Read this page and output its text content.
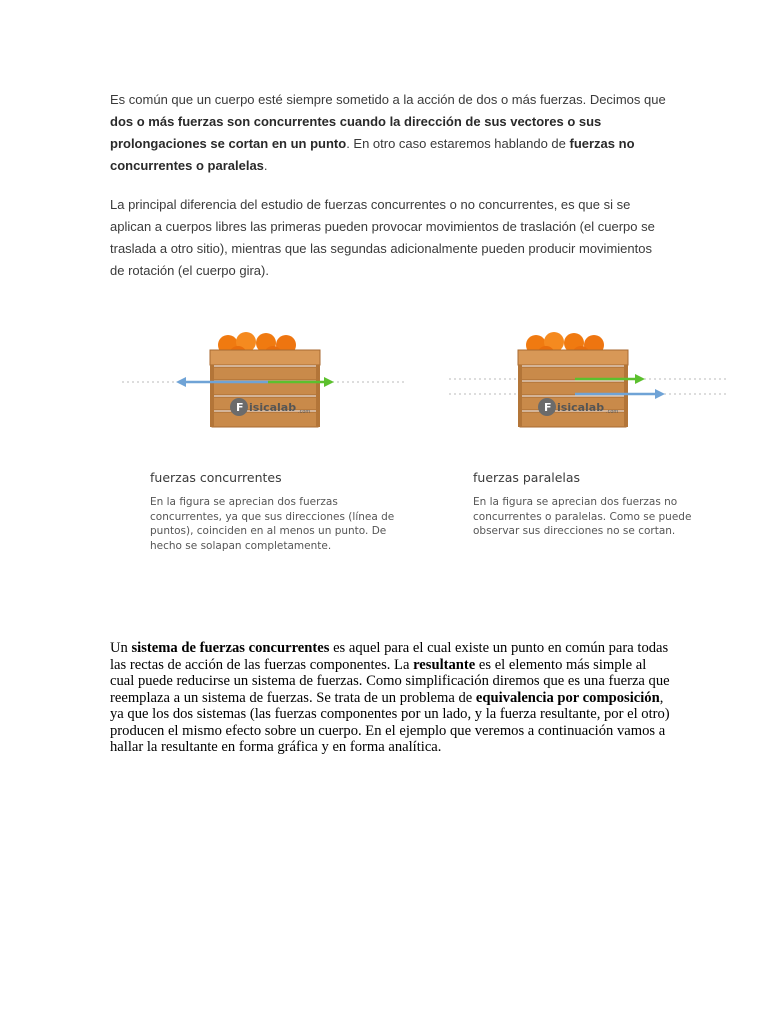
Es común que un cuerpo esté siempre sometido a la acción de dos o más fuerzas. Decimos que dos o más fuerzas son concurrentes cuando la dirección de sus vectores o sus prolongaciones se cortan en un punto. En otro caso estaremos hablando de fuerzas no concurrentes o paralelas.

La principal diferencia del estudio de fuerzas concurrentes o no concurrentes, es que si se aplican a cuerpos libres las primeras pueden provocar movimientos de traslación (el cuerpo se traslada a otro sitio), mientras que las segundas adicionalmente pueden producir movimientos de rotación (el cuerpo gira).

F isicalab .com	F isicalab .com

fuerzas concurrentes

En la figura se aprecian dos fuerzas concurrentes, ya que sus direcciones (línea de puntos), coinciden en al menos un punto. De hecho se solapan completamente.

fuerzas paralelas

En la figura se aprecian dos fuerzas no concurrentes o paralelas. Como se puede observar sus direcciones no se cortan.

Un sistema de fuerzas concurrentes es aquel para el cual existe un punto en común para todas las rectas de acción de las fuerzas componentes. La resultante es el elemento más simple al cual puede reducirse un sistema de fuerzas. Como simplificación diremos que es una fuerza que reemplaza a un sistema de fuerzas. Se trata de un problema de equivalencia por composición, ya que los dos sistemas (las fuerzas componentes por un lado, y la fuerza resultante, por el otro) producen el mismo efecto sobre un cuerpo. En el ejemplo que veremos a continuación vamos a hallar la resultante en forma gráfica y en forma analítica.
